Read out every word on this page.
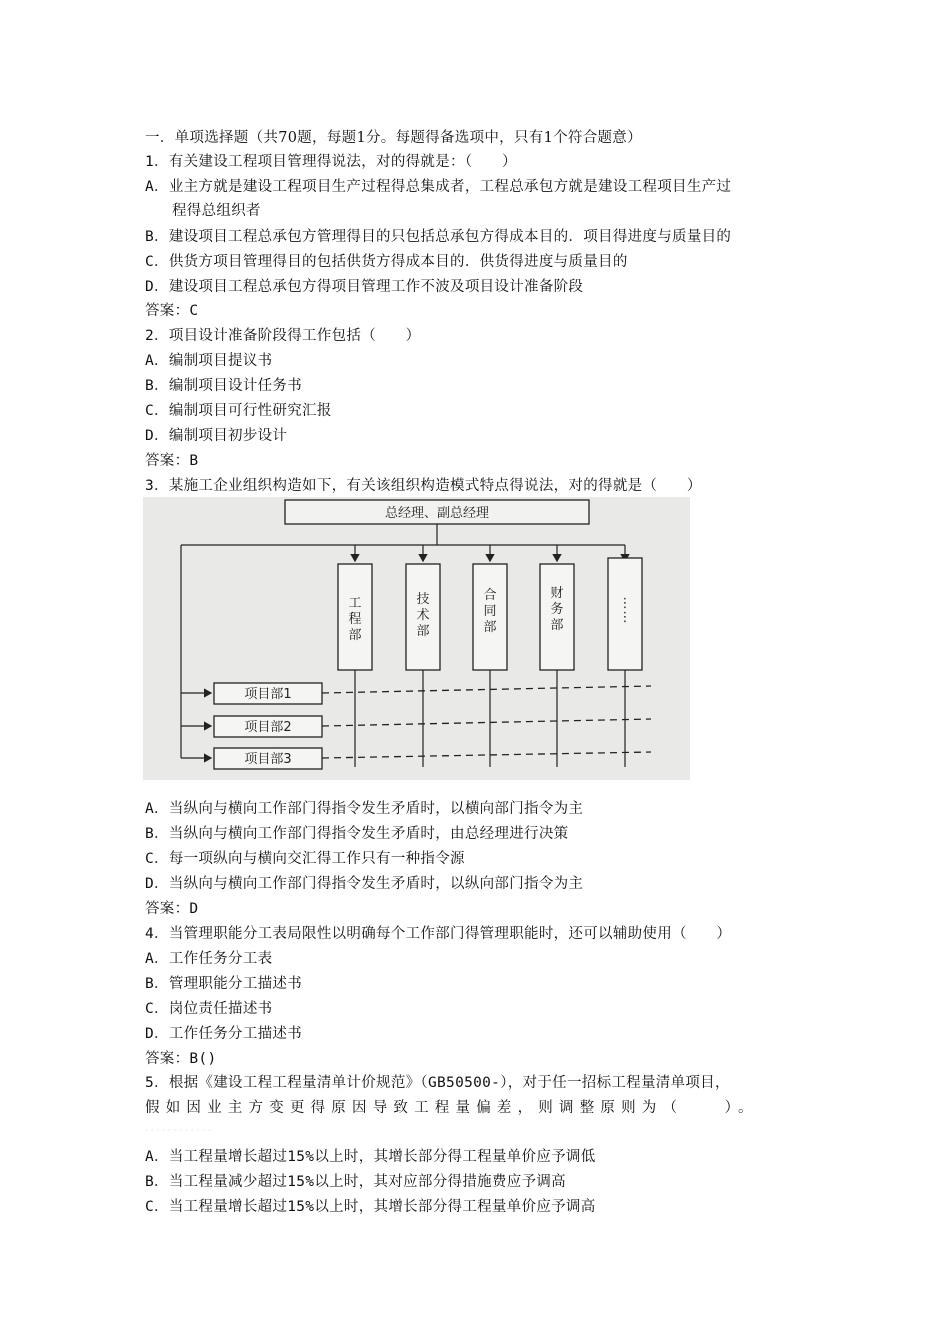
一．单项选择题（共70题，每题1分。每题得备选项中，只有1个符合题意）
1．有关建设工程项目管理得说法，对的得就是：（　　）
A．业主方就是建设工程项目生产过程得总集成者，工程总承包方就是建设工程项目生产过
程得总组织者
B．建设项目工程总承包方管理得目的只包括总承包方得成本目的．项目得进度与质量目的
C．供货方项目管理得目的包括供货方得成本目的．供货得进度与质量目的
D．建设项目工程总承包方得项目管理工作不波及项目设计准备阶段
答案：C
2．项目设计准备阶段得工作包括（　　）
A．编制项目提议书
B．编制项目设计任务书
C．编制项目可行性研究汇报
D．编制项目初步设计
答案：B
3．某施工企业组织构造如下，有关该组织构造模式特点得说法，对的得就是（　　）
总经理、副总经理
工
程
部
技
术
部
合
同
部
财
务
部
⋮
⋮
项目部1
项目部2
项目部3
A．当纵向与横向工作部门得指令发生矛盾时，以横向部门指令为主
B．当纵向与横向工作部门得指令发生矛盾时，由总经理进行决策
C．每一项纵向与横向交汇得工作只有一种指令源
D．当纵向与横向工作部门得指令发生矛盾时，以纵向部门指令为主
答案：D
4．当管理职能分工表局限性以明确每个工作部门得管理职能时，还可以辅助使用（　　）
A．工作任务分工表
B．管理职能分工描述书
C．岗位责任描述书
D．工作任务分工描述书
答案：B()
5．根据《建设工程工程量清单计价规范》（GB50500-），对于任一招标工程量清单项目，
假如因业主方变更得原因导致工程量偏差，则调整原则为（　　）。
· · · · · · · · · · · ·
A．当工程量增长超过15%以上时，其增长部分得工程量单价应予调低
B．当工程量减少超过15%以上时，其对应部分得措施费应予调高
C．当工程量增长超过15%以上时，其增长部分得工程量单价应予调高
